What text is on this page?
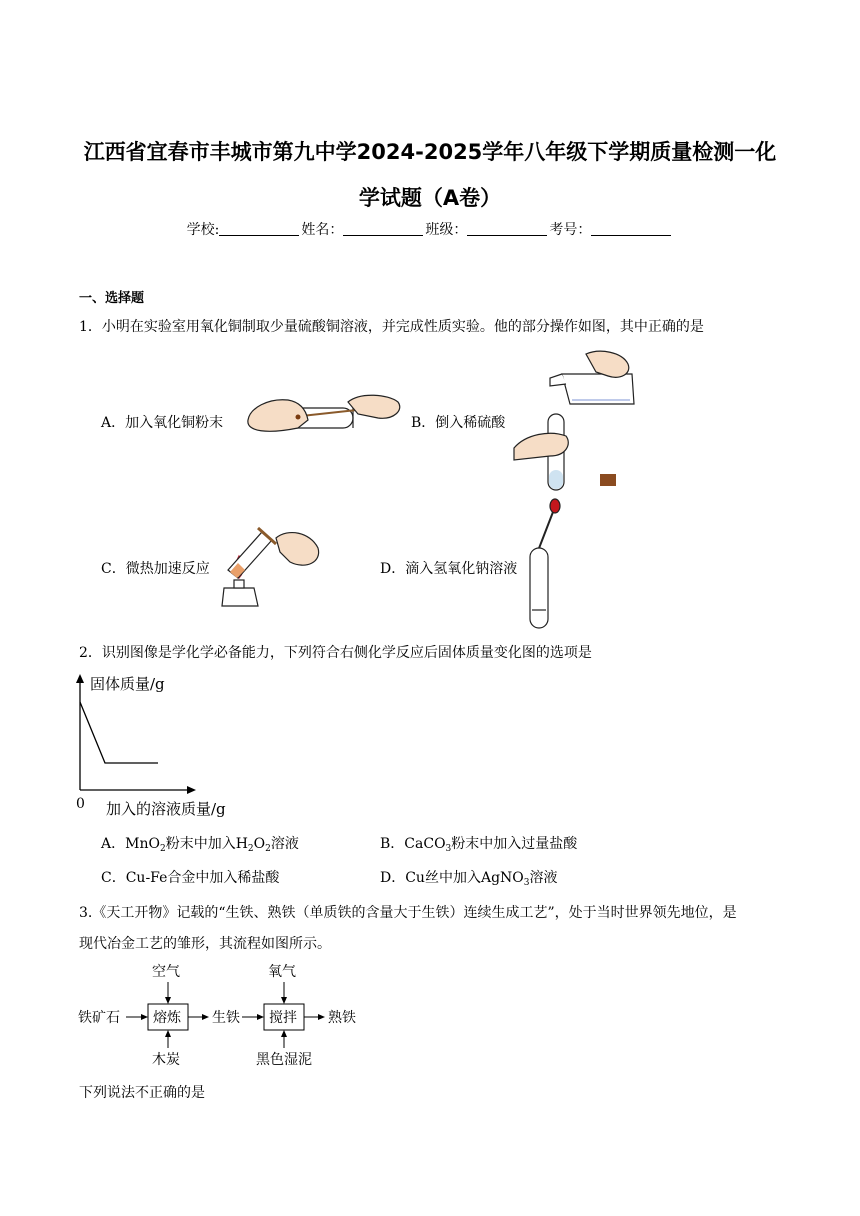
江西省宜春市丰城市第九中学2024-2025学年八年级下学期质量检测一化
学试题（A卷）
学校:	姓名：	班级：	考号：
一、选择题
1．小明在实验室用氧化铜制取少量硫酸铜溶液，并完成性质实验。他的部分操作如图，其中正确的是
A．加入氧化铜粉末	B．倒入稀硫酸
C．微热加速反应	D．滴入氢氧化钠溶液
2．识别图像是学化学必备能力，下列符合右侧化学反应后固体质量变化图的选项是
固体质量/g
0 加入的溶液质量/g
A．MnO$_2$粉末中加入$H_2O_2$溶液	B．CaCO$_3$粉末中加入过量盐酸
C．Cu-Fe合金中加入稀盐酸	D．Cu丝中加入AgNO$_3$溶液
3.《天工开物》记载的“生铁、熟铁（单质铁的含量大于生铁）连续生成工艺”，处于当时世界领先地位，是
现代冶金工艺的雏形，其流程如图所示。
空气	氧气
铁矿石 熔炼 生铁 搅拌 熟铁
木炭	黑色湿泥
下列说法不正确的是
